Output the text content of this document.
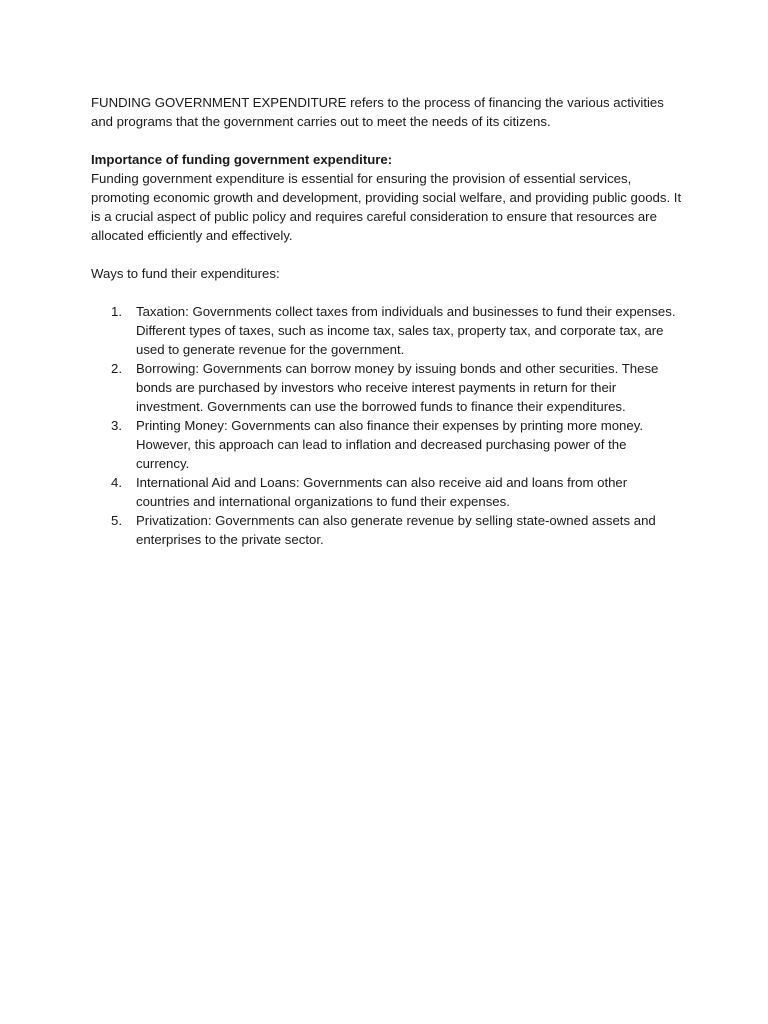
FUNDING GOVERNMENT EXPENDITURE refers to the process of financing the various activities and programs that the government carries out to meet the needs of its citizens.

Importance of funding government expenditure:

Funding government expenditure is essential for ensuring the provision of essential services, promoting economic growth and development, providing social welfare, and providing public goods. It is a crucial aspect of public policy and requires careful consideration to ensure that resources are allocated efficiently and effectively.

Ways to fund their expenditures:

1. Taxation: Governments collect taxes from individuals and businesses to fund their expenses. Different types of taxes, such as income tax, sales tax, property tax, and corporate tax, are used to generate revenue for the government.
2. Borrowing: Governments can borrow money by issuing bonds and other securities. These bonds are purchased by investors who receive interest payments in return for their investment. Governments can use the borrowed funds to finance their expenditures.
3. Printing Money: Governments can also finance their expenses by printing more money. However, this approach can lead to inflation and decreased purchasing power of the currency.
4. International Aid and Loans: Governments can also receive aid and loans from other countries and international organizations to fund their expenses.
5. Privatization: Governments can also generate revenue by selling state-owned assets and enterprises to the private sector.
